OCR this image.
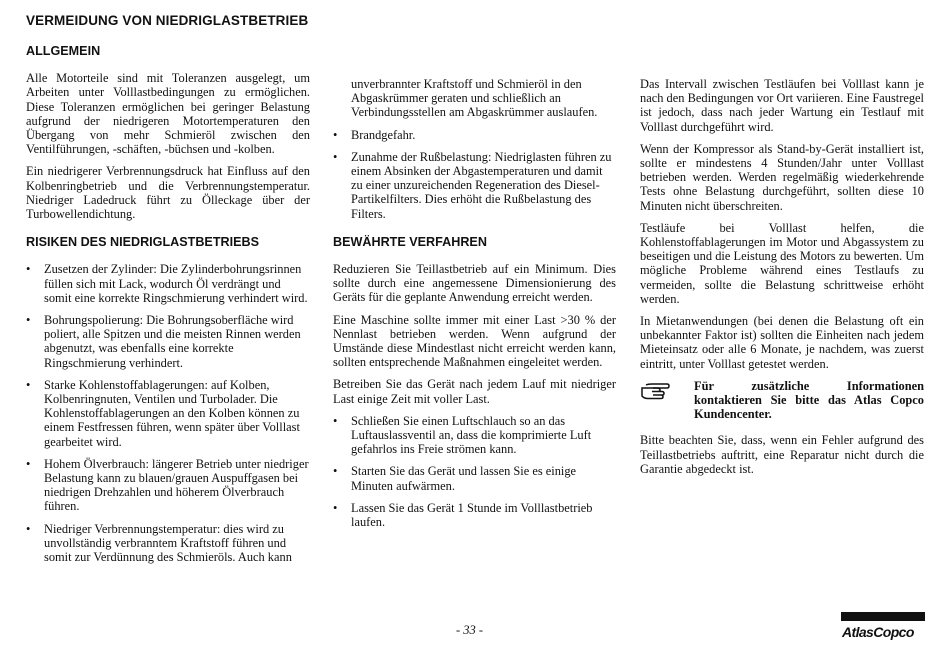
VERMEIDUNG VON NIEDRIGLASTBETRIEB
ALLGEMEIN

Alle Motorteile sind mit Toleranzen ausgelegt, um Arbeiten unter Volllastbedingungen zu ermöglichen. Diese Toleranzen ermöglichen bei geringer Belastung aufgrund der niedrigeren Motortemperaturen den Übergang von mehr Schmieröl zwischen den Ventilführungen, -schäften, -büchsen und -kolben.

Ein niedrigerer Verbrennungsdruck hat Einfluss auf den Kolbenringbetrieb und die Verbrennungstemperatur. Niedriger Ladedruck führt zu Ölleckage über der Turbowellendichtung.

RISIKEN DES NIEDRIGLASTBETRIEBS
• Zusetzen der Zylinder: Die Zylinderbohrungsrinnen füllen sich mit Lack, wodurch Öl verdrängt und somit eine korrekte Ringschmierung verhindert wird.
• Bohrungspolierung: Die Bohrungsoberfläche wird poliert, alle Spitzen und die meisten Rinnen werden abgenutzt, was ebenfalls eine korrekte Ringschmierung verhindert.
• Starke Kohlenstoffablagerungen: auf Kolben, Kolbenringnuten, Ventilen und Turbolader. Die Kohlenstoffablagerungen an den Kolben können zu einem Festfressen führen, wenn später über Volllast gearbeitet wird.
• Hohem Ölverbrauch: längerer Betrieb unter niedriger Belastung kann zu blauen/grauen Auspuffgasen bei niedrigen Drehzahlen und höherem Ölverbrauch führen.
• Niedriger Verbrennungstemperatur: dies wird zu unvollständig verbranntem Kraftstoff führen und somit zur Verdünnung des Schmieröls. Auch kann
unverbrannter Kraftstoff und Schmieröl in den Abgaskrümmer geraten und schließlich an Verbindungsstellen am Abgaskrümmer auslaufen.
• Brandgefahr.
• Zunahme der Rußbelastung: Niedriglasten führen zu einem Absinken der Abgastemperaturen und damit zu einer unzureichenden Regeneration des Diesel-Partikelfilters. Dies erhöht die Rußbelastung des Filters.
BEWÄHRTE VERFAHREN

Reduzieren Sie Teillastbetrieb auf ein Minimum. Dies sollte durch eine angemessene Dimensionierung des Geräts für die geplante Anwendung erreicht werden.

Eine Maschine sollte immer mit einer Last >30 % der Nennlast betrieben werden. Wenn aufgrund der Umstände diese Mindestlast nicht erreicht werden kann, sollten entsprechende Maßnahmen eingeleitet werden.

Betreiben Sie das Gerät nach jedem Lauf mit niedriger Last einige Zeit mit voller Last.

• Schließen Sie einen Luftschlauch so an das Luftauslassventil an, dass die komprimierte Luft gefahrlos ins Freie strömen kann.
• Starten Sie das Gerät und lassen Sie es einige Minuten aufwärmen.
• Lassen Sie das Gerät 1 Stunde im Volllastbetrieb laufen.

Das Intervall zwischen Testläufen bei Volllast kann je nach den Bedingungen vor Ort variieren. Eine Faustregel ist jedoch, dass nach jeder Wartung ein Testlauf mit Volllast durchgeführt wird.

Wenn der Kompressor als Stand-by-Gerät installiert ist, sollte er mindestens 4 Stunden/Jahr unter Volllast betrieben werden. Werden regelmäßig wiederkehrende Tests ohne Belastung durchgeführt, sollten diese 10 Minuten nicht überschreiten.

Testläufe bei Volllast helfen, die Kohlenstoffablagerungen im Motor und Abgassystem zu beseitigen und die Leistung des Motors zu bewerten. Um mögliche Probleme während eines Testlaufs zu vermeiden, sollte die Belastung schrittweise erhöht werden.

In Mietanwendungen (bei denen die Belastung oft ein unbekannter Faktor ist) sollten die Einheiten nach jedem Mieteinsatz oder alle 6 Monate, je nachdem, was zuerst eintritt, unter Volllast getestet werden.

Für zusätzliche Informationen kontaktieren Sie bitte das Atlas Copco Kundencenter.

Bitte beachten Sie, dass, wenn ein Fehler aufgrund des Teillastbetriebs auftritt, eine Reparatur nicht durch die Garantie abgedeckt ist.

- 33 -	AtlasCopco
